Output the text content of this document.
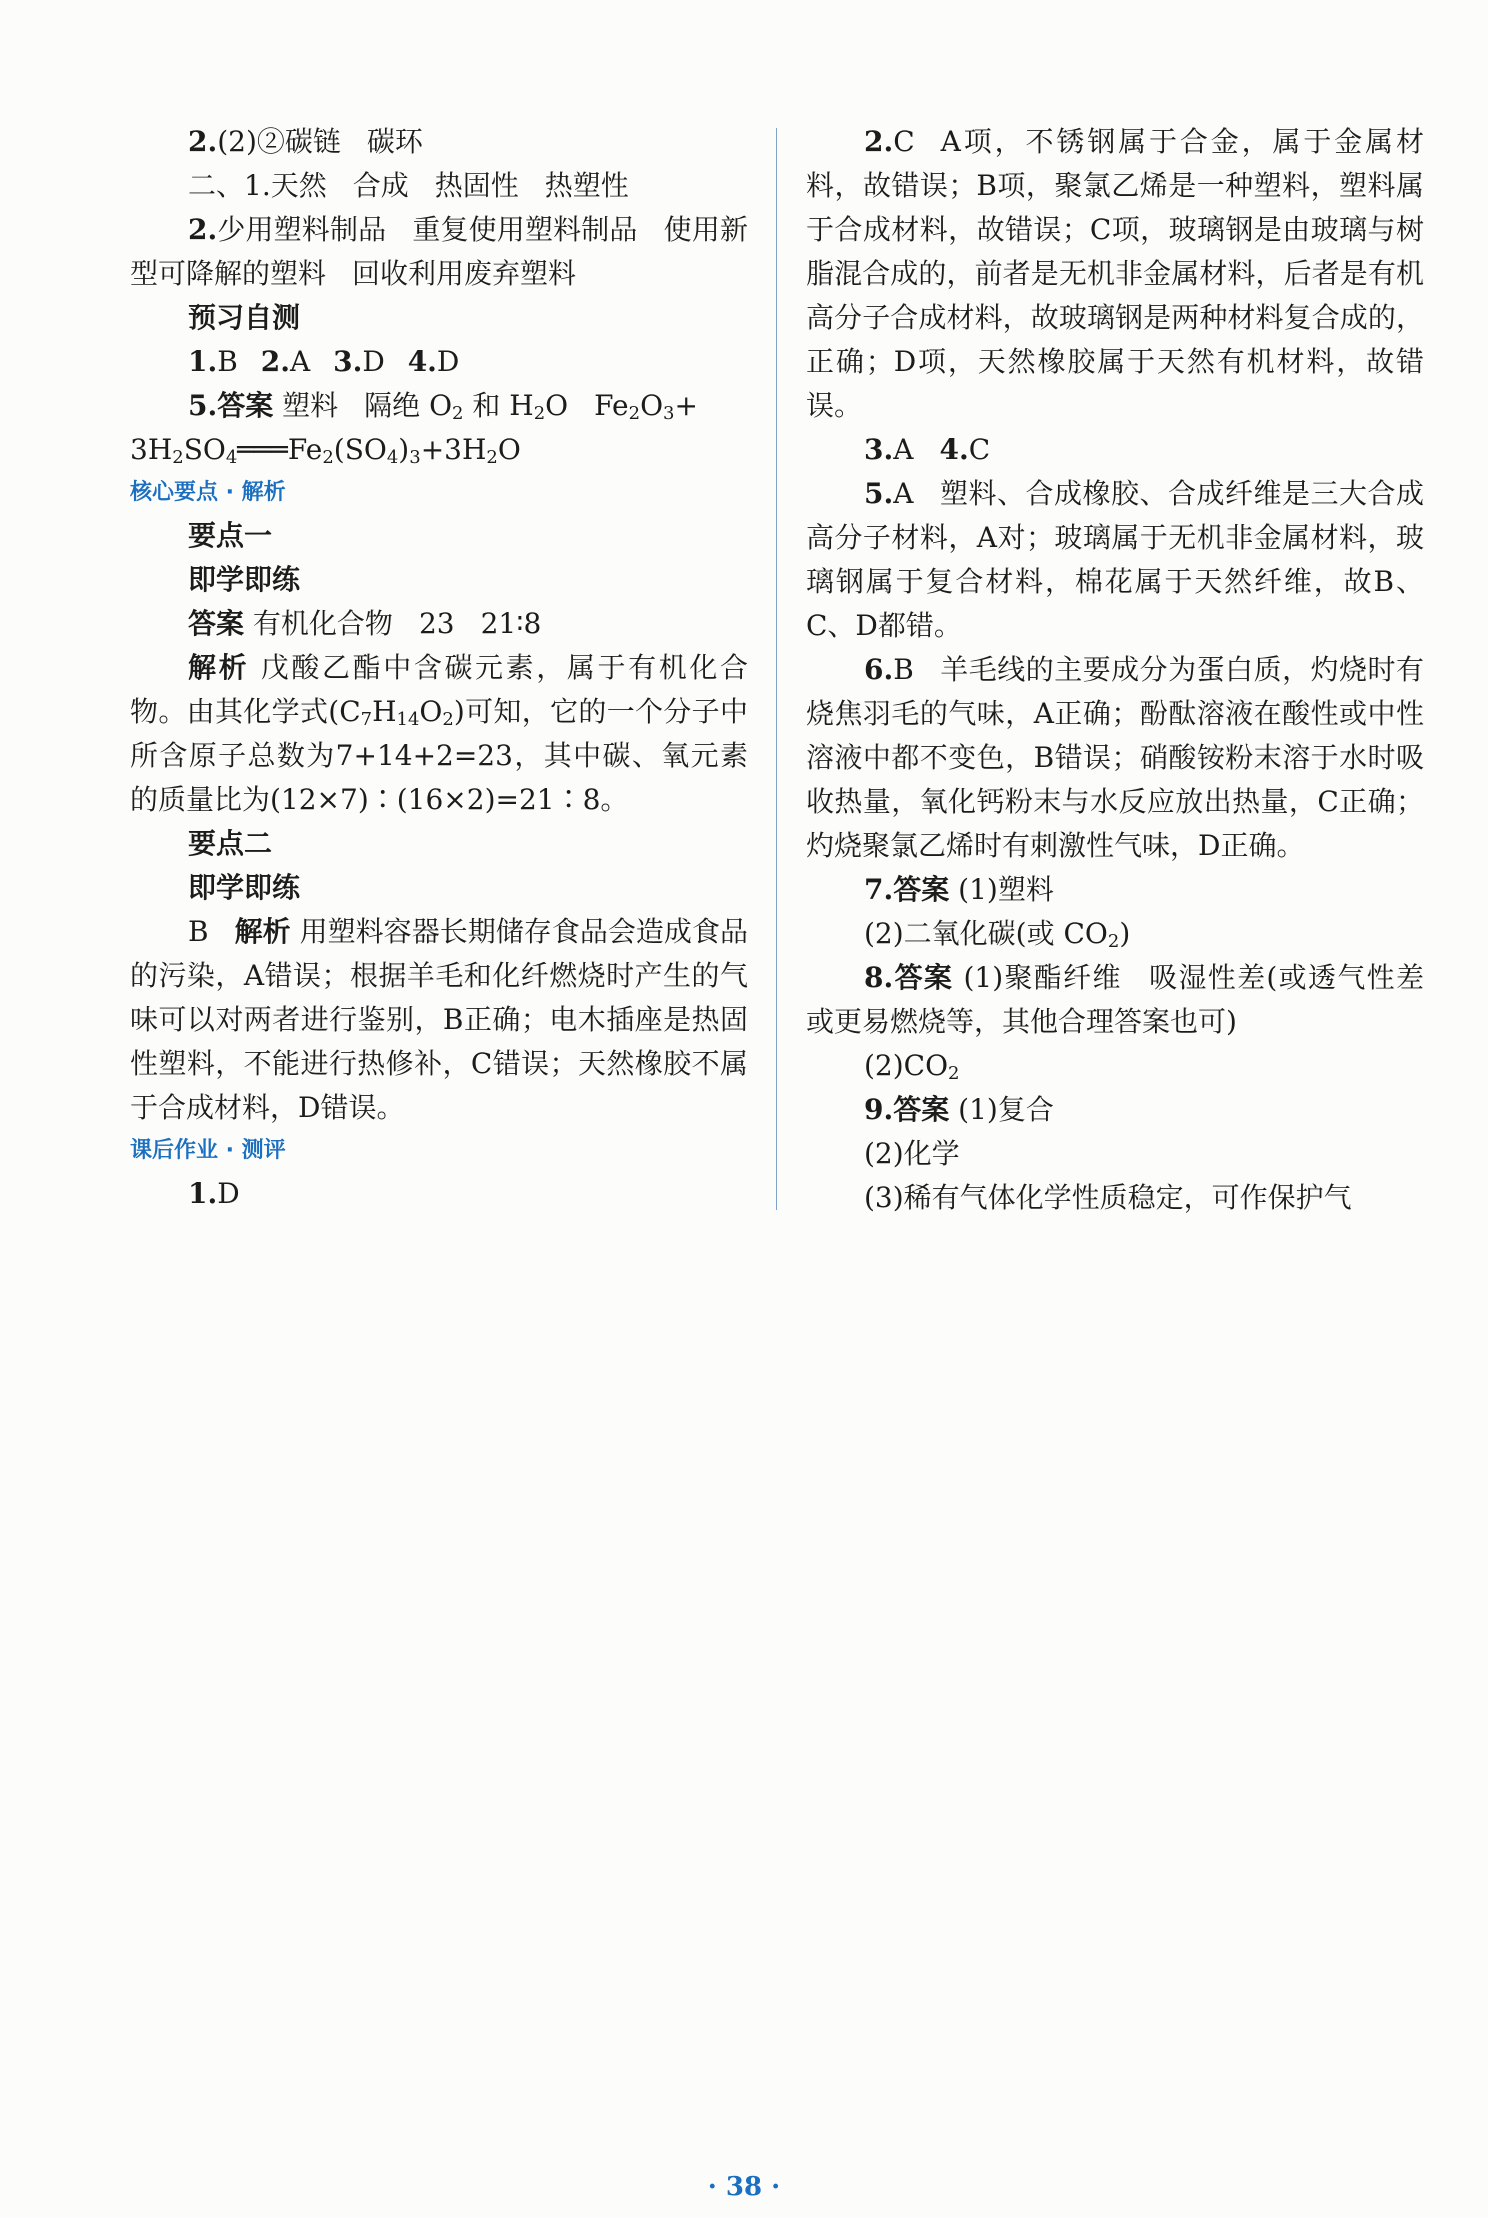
2.(2)②碳链 碳环

二、1.天然 合成 热固性 热塑性

2.少用塑料制品 重复使用塑料制品 使用新型可降解的塑料 回收利用废弃塑料

预习自测

1.B 2.A 3.D 4.D

5.答案 塑料 隔绝 $O_2$ 和 $H_2O$ $Fe_2O_3+$
$3H_2SO_4═══Fe_2(SO_4)_3+3H_2O$

核心要点 · 解析

要点一

即学即练

答案 有机化合物 23 21∶8

解析 戊酸乙酯中含碳元素，属于有机化合物。由其化学式$(C_7H_{14}O_2)$可知，它的一个分子中所含原子总数为7+14+2=23，其中碳、氧元素的质量比为(12×7)∶(16×2)=21∶8。

要点二

即学即练

B 解析 用塑料容器长期储存食品会造成食品的污染，A错误；根据羊毛和化纤燃烧时产生的气味可以对两者进行鉴别，B正确；电木插座是热固性塑料，不能进行热修补，C错误；天然橡胶不属于合成材料，D错误。

课后作业 · 测评

1.D

2.C A项，不锈钢属于合金，属于金属材料，故错误；B项，聚氯乙烯是一种塑料，塑料属于合成材料，故错误；C项，玻璃钢是由玻璃与树脂混合成的，前者是无机非金属材料，后者是有机高分子合成材料，故玻璃钢是两种材料复合成的，正确；D项，天然橡胶属于天然有机材料，故错误。

3.A 4.C

5.A 塑料、合成橡胶、合成纤维是三大合成高分子材料，A对；玻璃属于无机非金属材料，玻璃钢属于复合材料，棉花属于天然纤维，故B、C、D都错。

6.B 羊毛线的主要成分为蛋白质，灼烧时有烧焦羽毛的气味，A正确；酚酞溶液在酸性或中性溶液中都不变色，B错误；硝酸铵粉末溶于水时吸收热量，氧化钙粉末与水反应放出热量，C正确；灼烧聚氯乙烯时有刺激性气味，D正确。

7.答案 (1)塑料

(2)二氧化碳(或 $CO_2$)

8.答案 (1)聚酯纤维 吸湿性差(或透气性差或更易燃烧等，其他合理答案也可)

$(2)CO_2$

9.答案 (1)复合

(2)化学

(3)稀有气体化学性质稳定，可作保护气

· 38 ·
